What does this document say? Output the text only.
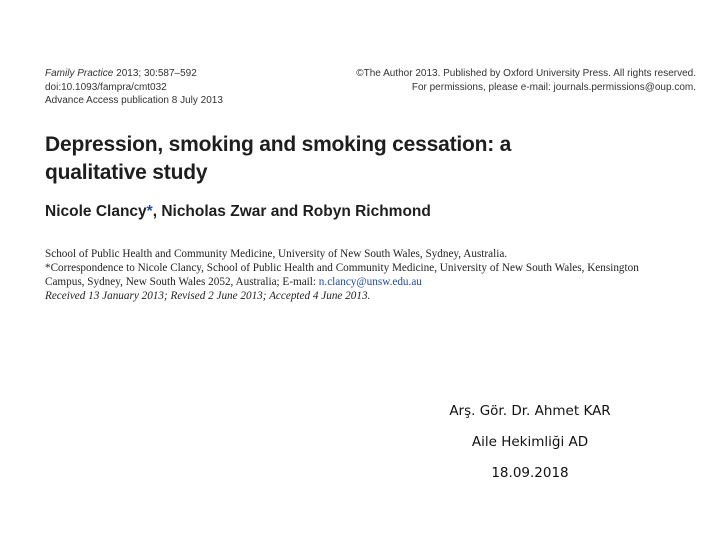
Family Practice 2013; 30:587–592
doi:10.1093/fampra/cmt032
Advance Access publication 8 July 2013
©The Author 2013. Published by Oxford University Press. All rights reserved.
For permissions, please e-mail: journals.permissions@oup.com.
Depression, smoking and smoking cessation: a qualitative study
Nicole Clancy*, Nicholas Zwar and Robyn Richmond
School of Public Health and Community Medicine, University of New South Wales, Sydney, Australia.
*Correspondence to Nicole Clancy, School of Public Health and Community Medicine, University of New South Wales, Kensington
Campus, Sydney, New South Wales 2052, Australia; E-mail: n.clancy@unsw.edu.au
Received 13 January 2013; Revised 2 June 2013; Accepted 4 June 2013.
Arş. Gör. Dr. Ahmet KAR
Aile Hekimliği AD
18.09.2018
